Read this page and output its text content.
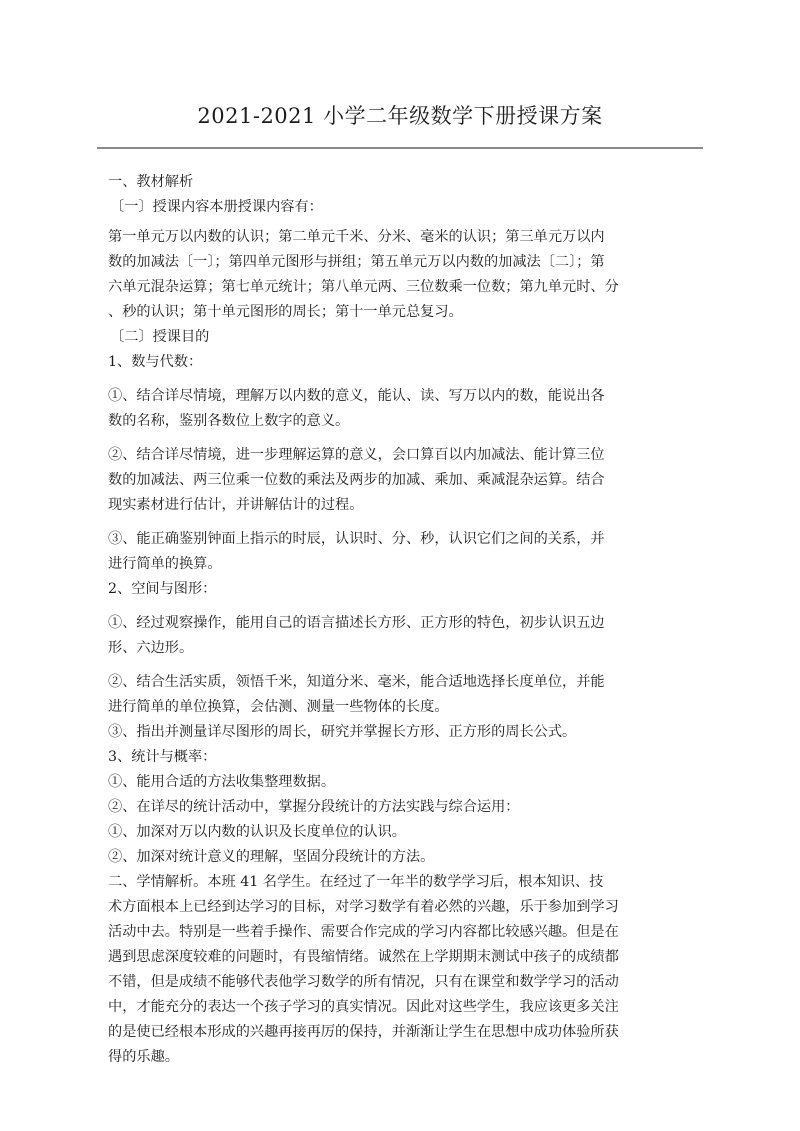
2021-2021 小学二年级数学下册授课方案
一、教材解析
〔一〕授课内容本册授课内容有：
第一单元万以内数的认识；第二单元千米、分米、毫米的认识；第三单元万以内
数的加减法〔一〕；第四单元图形与拼组；第五单元万以内数的加减法〔二〕；第
六单元混杂运算；第七单元统计；第八单元两、三位数乘一位数；第九单元时、分
、秒的认识；第十单元图形的周长；第十一单元总复习。
〔二〕授课目的
1、数与代数：
①、结合详尽情境，理解万以内数的意义，能认、读、写万以内的数，能说出各
数的名称，鉴别各数位上数字的意义。
②、结合详尽情境，进一步理解运算的意义，会口算百以内加减法、能计算三位
数的加减法、两三位乘一位数的乘法及两步的加减、乘加、乘减混杂运算。结合
现实素材进行估计，并讲解估计的过程。
③、能正确鉴别钟面上指示的时辰，认识时、分、秒，认识它们之间的关系，并
进行简单的换算。
2、空间与图形：
①、经过观察操作，能用自己的语言描述长方形、正方形的特色，初步认识五边
形、六边形。
②、结合生活实质，领悟千米，知道分米、毫米，能合适地选择长度单位，并能
进行简单的单位换算，会估测、测量一些物体的长度。
③、指出并测量详尽图形的周长，研究并掌握长方形、正方形的周长公式。
3、统计与概率：
①、能用合适的方法收集整理数据。
②、在详尽的统计活动中，掌握分段统计的方法实践与综合运用：
①、加深对万以内数的认识及长度单位的认识。
②、加深对统计意义的理解，坚固分段统计的方法。
二、学情解析。本班 41 名学生。在经过了一年半的数学学习后，根本知识、技
术方面根本上已经到达学习的目标，对学习数学有着必然的兴趣，乐于参加到学习
活动中去。特别是一些着手操作、需要合作完成的学习内容都比较感兴趣。但是在
遇到思虑深度较难的问题时，有畏缩情绪。诚然在上学期期末测试中孩子的成绩都
不错，但是成绩不能够代表他学习数学的所有情况，只有在课堂和数学学习的活动
中，才能充分的表达一个孩子学习的真实情况。因此对这些学生，我应该更多关注
的是使已经根本形成的兴趣再接再厉的保持，并渐渐让学生在思想中成功体验所获
得的乐趣。
